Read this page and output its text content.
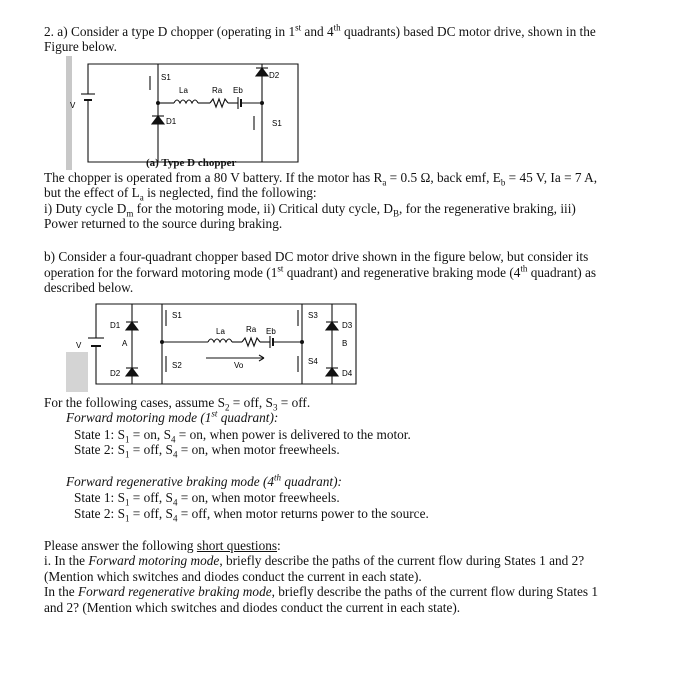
2. a) Consider a type D chopper (operating in 1st and 4th quadrants) based DC motor drive, shown in the
Figure below.
S1	D2
La	Ra Eb
D1	S1
V
(a) Type D chopper
The chopper is operated from a 80 V battery. If the motor has $R_a = 0.5$ Ω, back emf, $E_b = 45$ V, Ia = 7 A,
but the effect of $L_a$ is neglected, find the following:
i) Duty cycle $D_m$ for the motoring mode, ii) Critical duty cycle, $D_B$, for the regenerative braking, iii)
Power returned to the source during braking.
b) Consider a four-quadrant chopper based DC motor drive shown in the figure below, but consider its
operation for the forward motoring mode (1st quadrant) and regenerative braking mode (4th quadrant) as
described below.
D1
S1	S3
D3
A	B
La	Ra Eb
D2
S2	S4
D4
Vo
V
For the following cases, assume $S_2$ = off, $S_3$ = off.
Forward motoring mode (1st quadrant):
State 1: $S_1$ = on, $S_4$ = on, when power is delivered to the motor.
State 2: $S_1$ = off, $S_4$ = on, when motor freewheels.
Forward regenerative braking mode (4th quadrant):
State 1: $S_1$ = off, $S_4$ = on, when motor freewheels.
State 2: $S_1$ = off, $S_4$ = off, when motor returns power to the source.
Please answer the following short questions:
i. In the Forward motoring mode, briefly describe the paths of the current flow during States 1 and 2?
(Mention which switches and diodes conduct the current in each state).
In the Forward regenerative braking mode, briefly describe the paths of the current flow during States 1
and 2? (Mention which switches and diodes conduct the current in each state).
